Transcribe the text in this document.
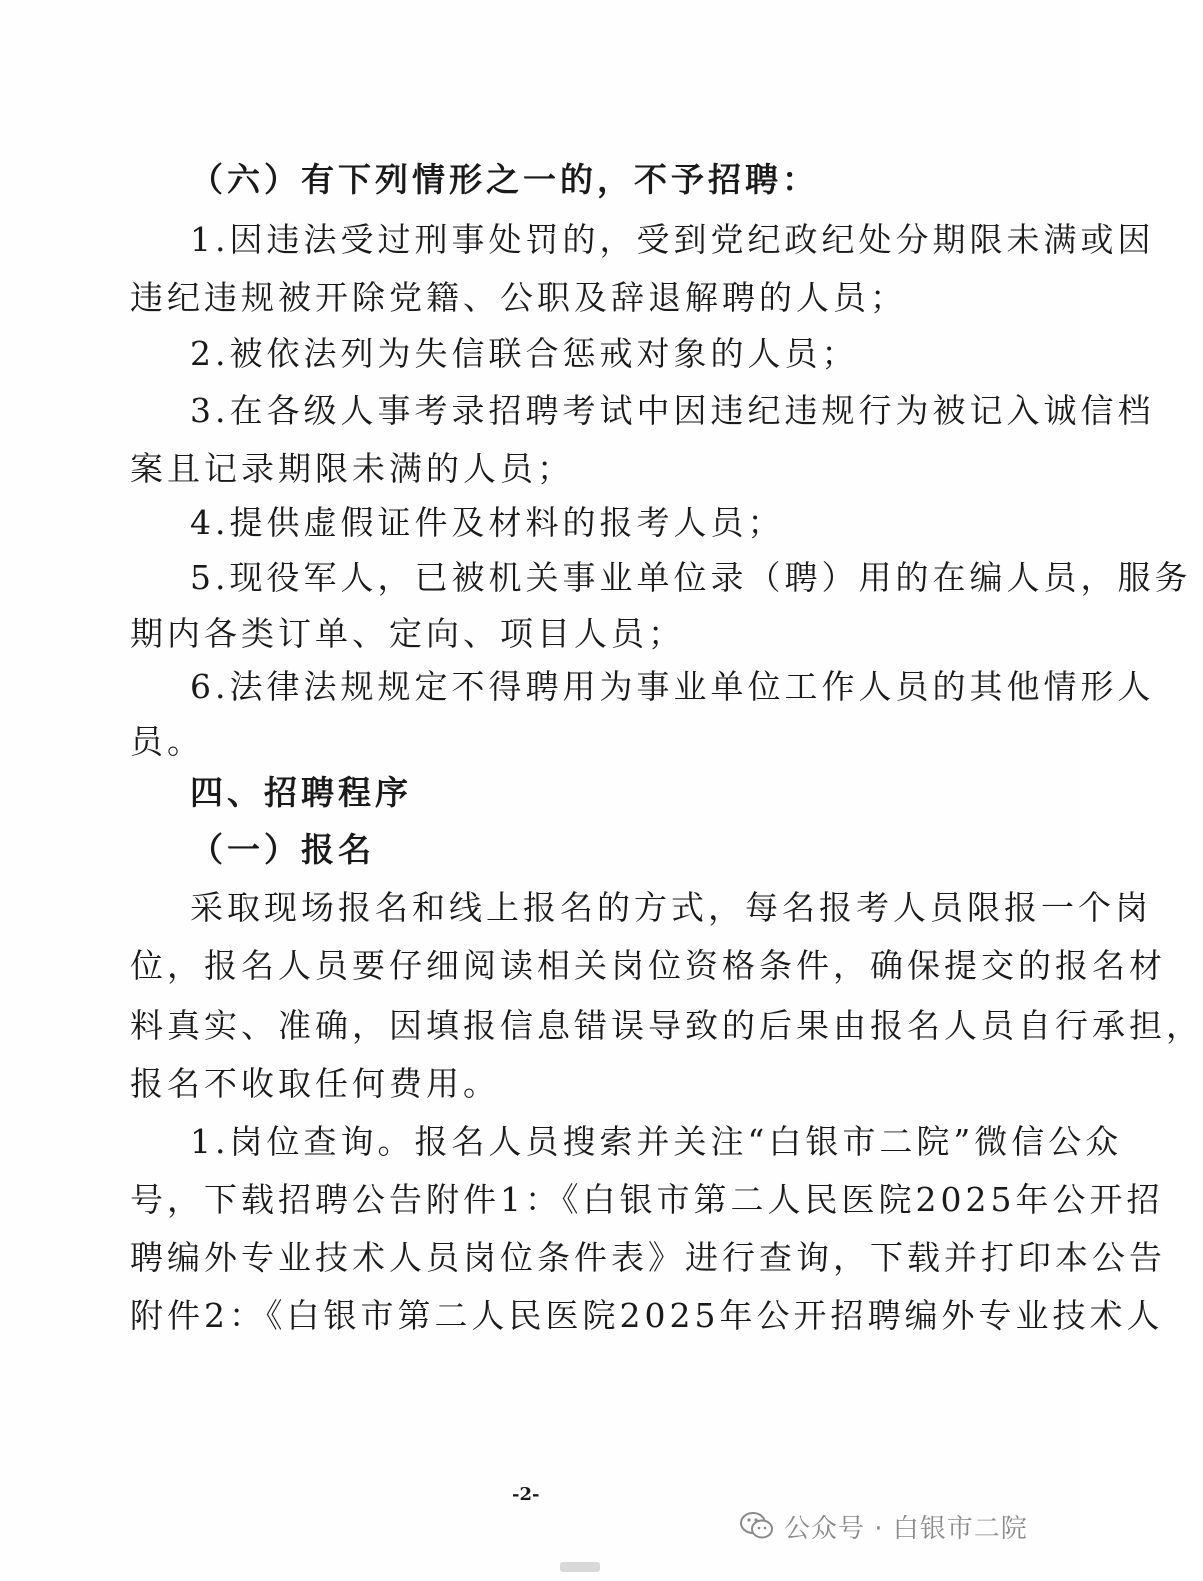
（六）有下列情形之一的，不予招聘：
1.因违法受过刑事处罚的，受到党纪政纪处分期限未满或因
违纪违规被开除党籍、公职及辞退解聘的人员；
2.被依法列为失信联合惩戒对象的人员；
3.在各级人事考录招聘考试中因违纪违规行为被记入诚信档
案且记录期限未满的人员；
4.提供虚假证件及材料的报考人员；
5.现役军人，已被机关事业单位录（聘）用的在编人员，服务
期内各类订单、定向、项目人员；
6.法律法规规定不得聘用为事业单位工作人员的其他情形人
员。
四、招聘程序
（一）报名
采取现场报名和线上报名的方式，每名报考人员限报一个岗
位，报名人员要仔细阅读相关岗位资格条件，确保提交的报名材
料真实、准确，因填报信息错误导致的后果由报名人员自行承担，
报名不收取任何费用。
1.岗位查询。报名人员搜索并关注“白银市二院”微信公众
号，下载招聘公告附件1：《白银市第二人民医院2025年公开招
聘编外专业技术人员岗位条件表》进行查询，下载并打印本公告
附件2：《白银市第二人民医院2025年公开招聘编外专业技术人
-2-
公众号 · 白银市二院
